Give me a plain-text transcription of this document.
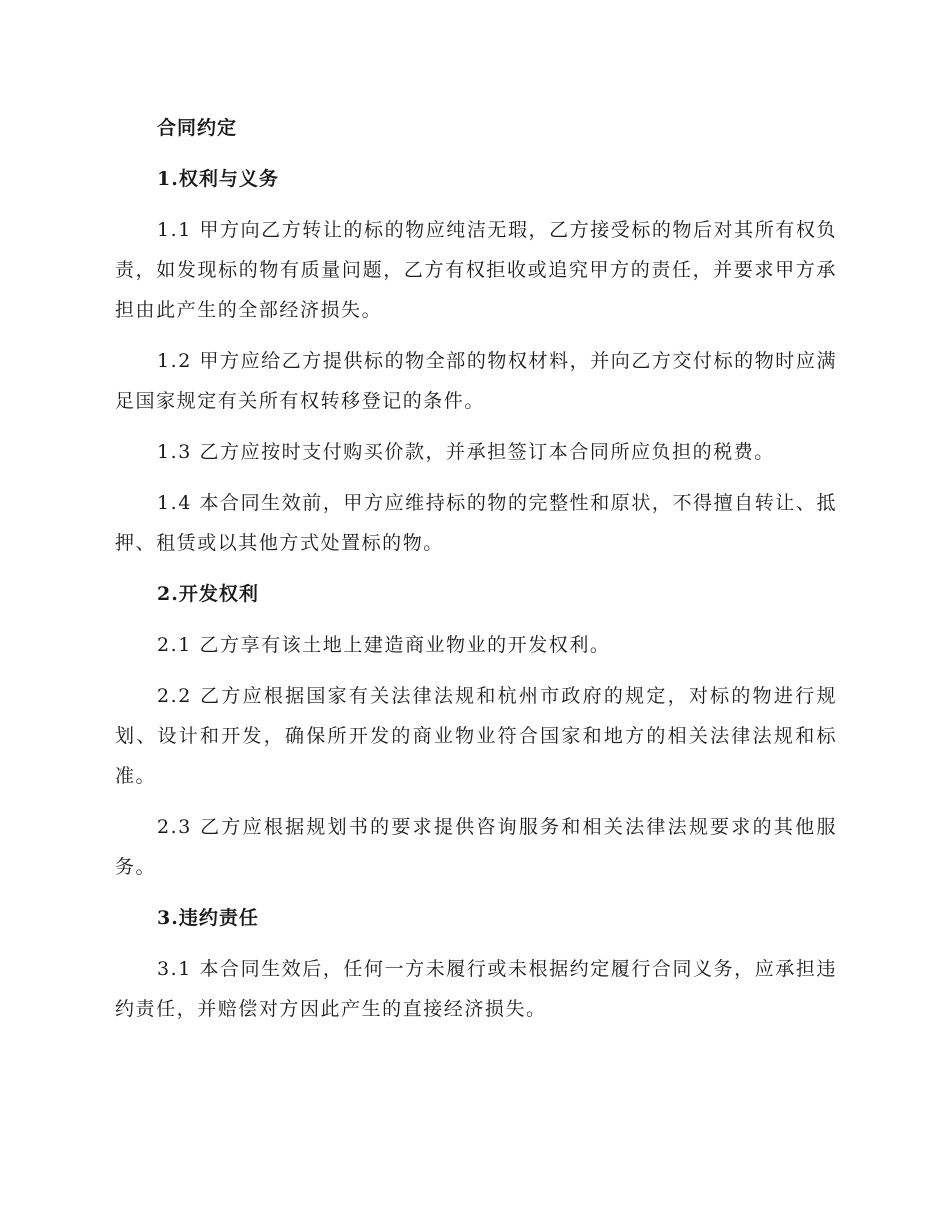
合同约定
1.权利与义务

1.1 甲方向乙方转让的标的物应纯洁无瑕，乙方接受标的物后对其所有权负责，如发现标的物有质量问题，乙方有权拒收或追究甲方的责任，并要求甲方承担由此产生的全部经济损失。

1.2 甲方应给乙方提供标的物全部的物权材料，并向乙方交付标的物时应满足国家规定有关所有权转移登记的条件。

1.3 乙方应按时支付购买价款，并承担签订本合同所应负担的税费。

1.4 本合同生效前，甲方应维持标的物的完整性和原状，不得擅自转让、抵押、租赁或以其他方式处置标的物。

2.开发权利

2.1 乙方享有该土地上建造商业物业的开发权利。

2.2 乙方应根据国家有关法律法规和杭州市政府的规定，对标的物进行规划、设计和开发，确保所开发的商业物业符合国家和地方的相关法律法规和标准。

2.3 乙方应根据规划书的要求提供咨询服务和相关法律法规要求的其他服务。

3.违约责任

3.1 本合同生效后，任何一方未履行或未根据约定履行合同义务，应承担违约责任，并赔偿对方因此产生的直接经济损失。
